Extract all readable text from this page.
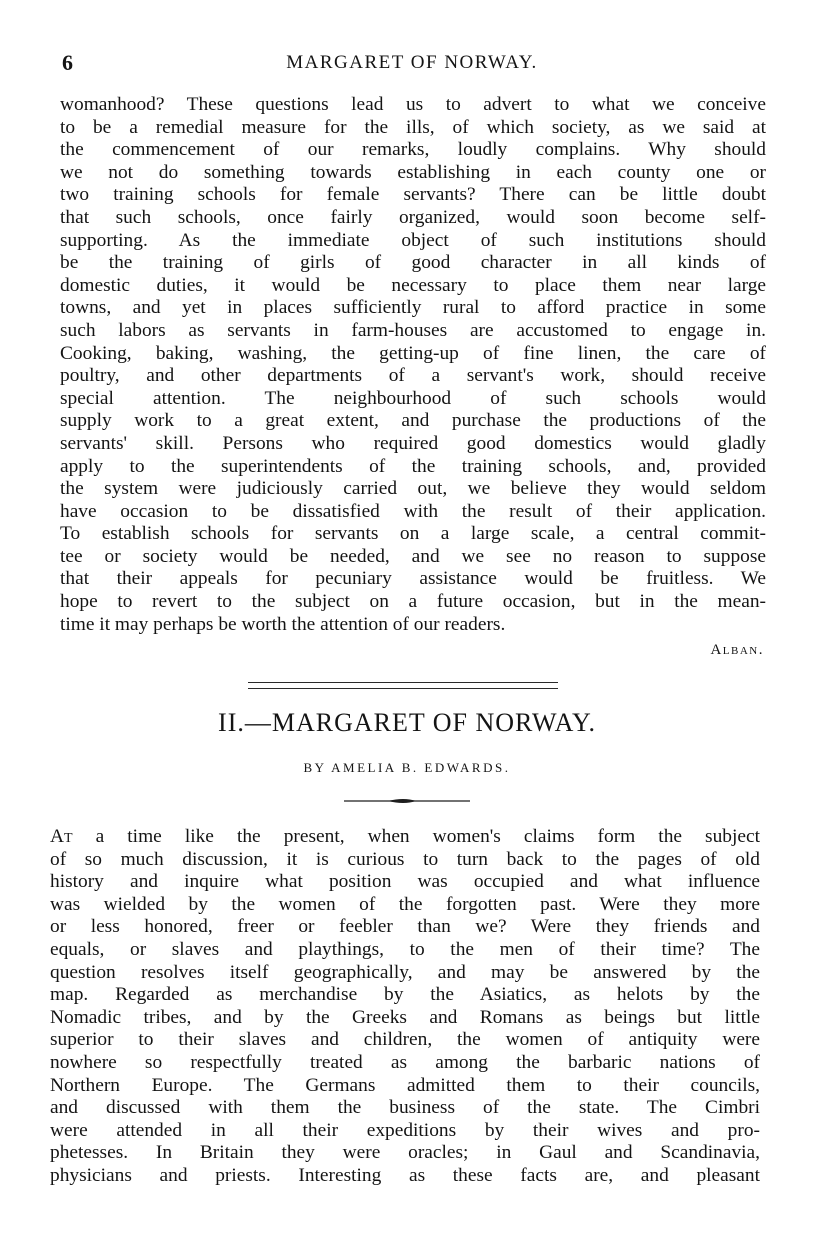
6	MARGARET OF NORWAY.
womanhood? These questions lead us to advert to what we conceive
to be a remedial measure for the ills, of which society, as we said at
the commencement of our remarks, loudly complains. Why should
we not do something towards establishing in each county one or
two training schools for female servants? There can be little doubt
that such schools, once fairly organized, would soon become self-
supporting. As the immediate object of such institutions should
be the training of girls of good character in all kinds of
domestic duties, it would be necessary to place them near large
towns, and yet in places sufficiently rural to afford practice in some
such labors as servants in farm-houses are accustomed to engage in.
Cooking, baking, washing, the getting-up of fine linen, the care of
poultry, and other departments of a servant's work, should receive
special attention. The neighbourhood of such schools would
supply work to a great extent, and purchase the productions of the
servants' skill. Persons who required good domestics would gladly
apply to the superintendents of the training schools, and, provided
the system were judiciously carried out, we believe they would seldom
have occasion to be dissatisfied with the result of their application.
To establish schools for servants on a large scale, a central commit-
tee or society would be needed, and we see no reason to suppose
that their appeals for pecuniary assistance would be fruitless. We
hope to revert to the subject on a future occasion, but in the mean-
time it may perhaps be worth the attention of our readers.
Alban.
II.—MARGARET OF NORWAY.
BY AMELIA B. EDWARDS.
At a time like the present, when women's claims form the subject
of so much discussion, it is curious to turn back to the pages of old
history and inquire what position was occupied and what influence
was wielded by the women of the forgotten past. Were they more
or less honored, freer or feebler than we? Were they friends and
equals, or slaves and playthings, to the men of their time? The
question resolves itself geographically, and may be answered by the
map. Regarded as merchandise by the Asiatics, as helots by the
Nomadic tribes, and by the Greeks and Romans as beings but little
superior to their slaves and children, the women of antiquity were
nowhere so respectfully treated as among the barbaric nations of
Northern Europe. The Germans admitted them to their councils,
and discussed with them the business of the state. The Cimbri
were attended in all their expeditions by their wives and pro-
phetesses. In Britain they were oracles; in Gaul and Scandinavia,
physicians and priests. Interesting as these facts are, and pleasant
